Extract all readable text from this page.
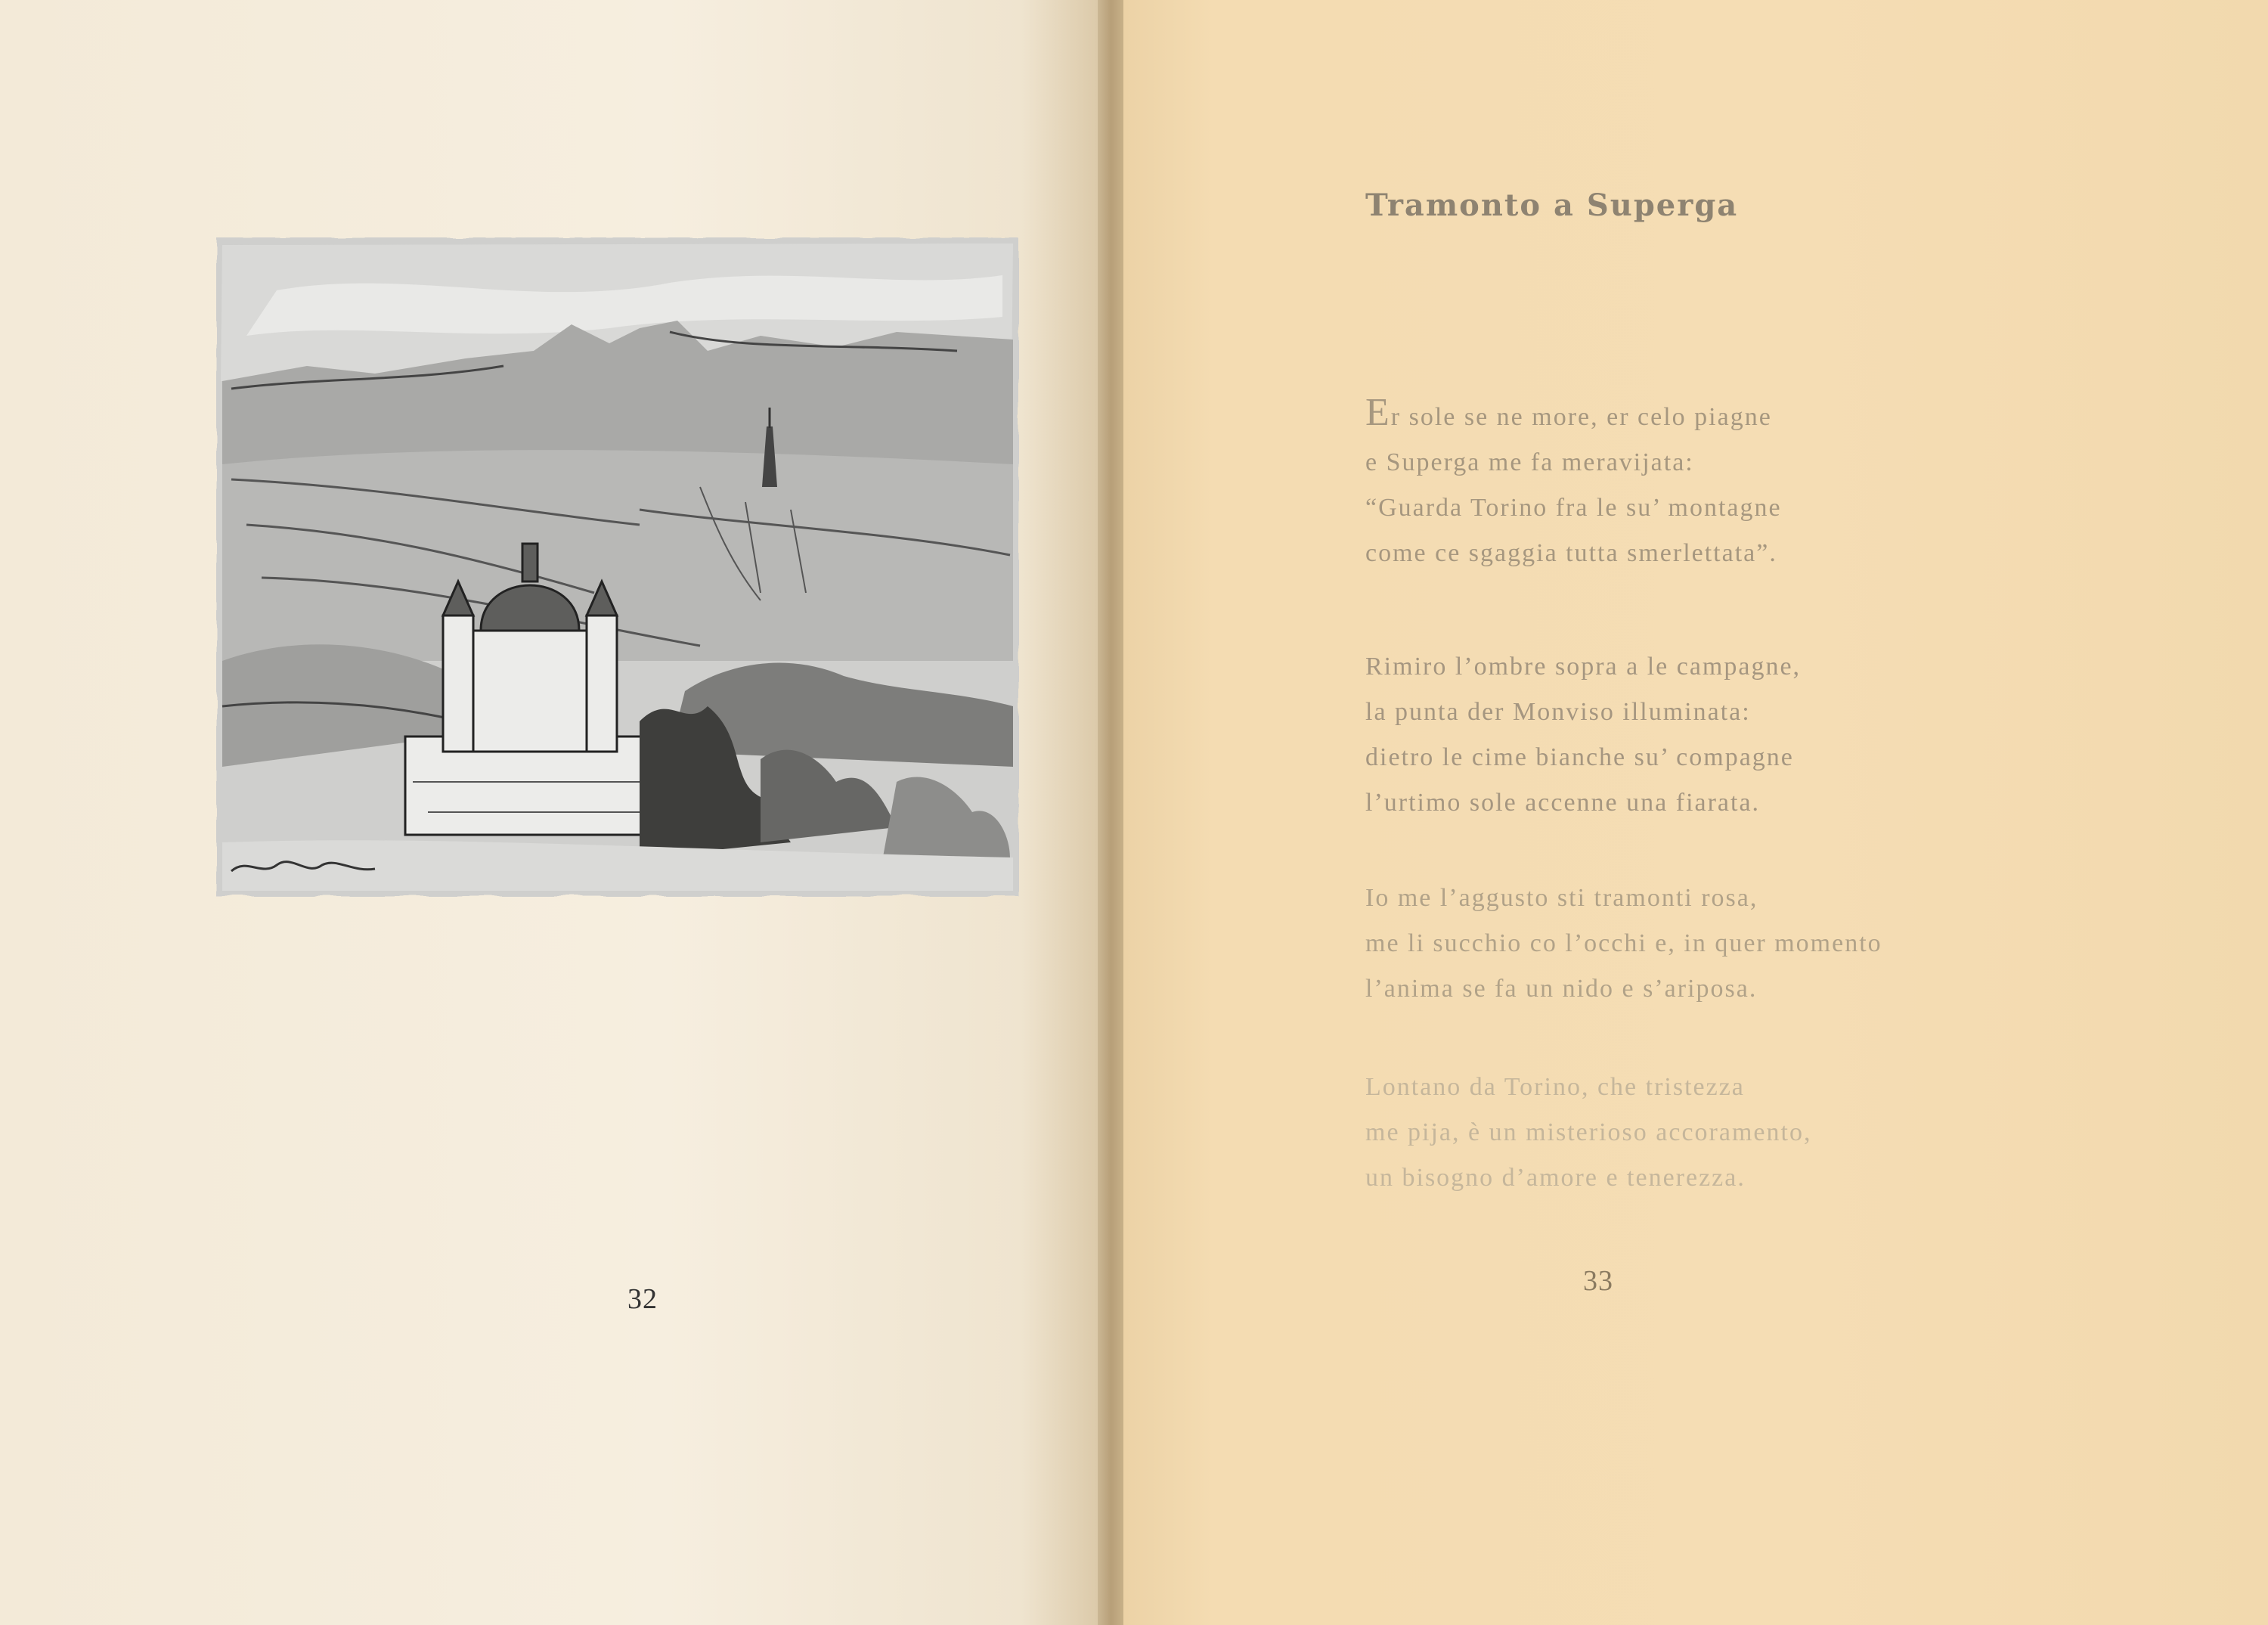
32
Tramonto a Superga
Er sole se ne more, er celo piagne
e Superga me fa meravijata:
“Guarda Torino fra le su’ montagne
come ce sgaggia tutta smerlettata”.
Rimiro l’ombre sopra a le campagne,
la punta der Monviso illuminata:
dietro le cime bianche su’ compagne
l’urtimo sole accenne una fiarata.
Io me l’aggusto sti tramonti rosa,
me li succhio co l’occhi e, in quer momento
l’anima se fa un nido e s’ariposa.
Lontano da Torino, che tristezza
me pija, è un misterioso accoramento,
un bisogno d’amore e tenerezza.
33
